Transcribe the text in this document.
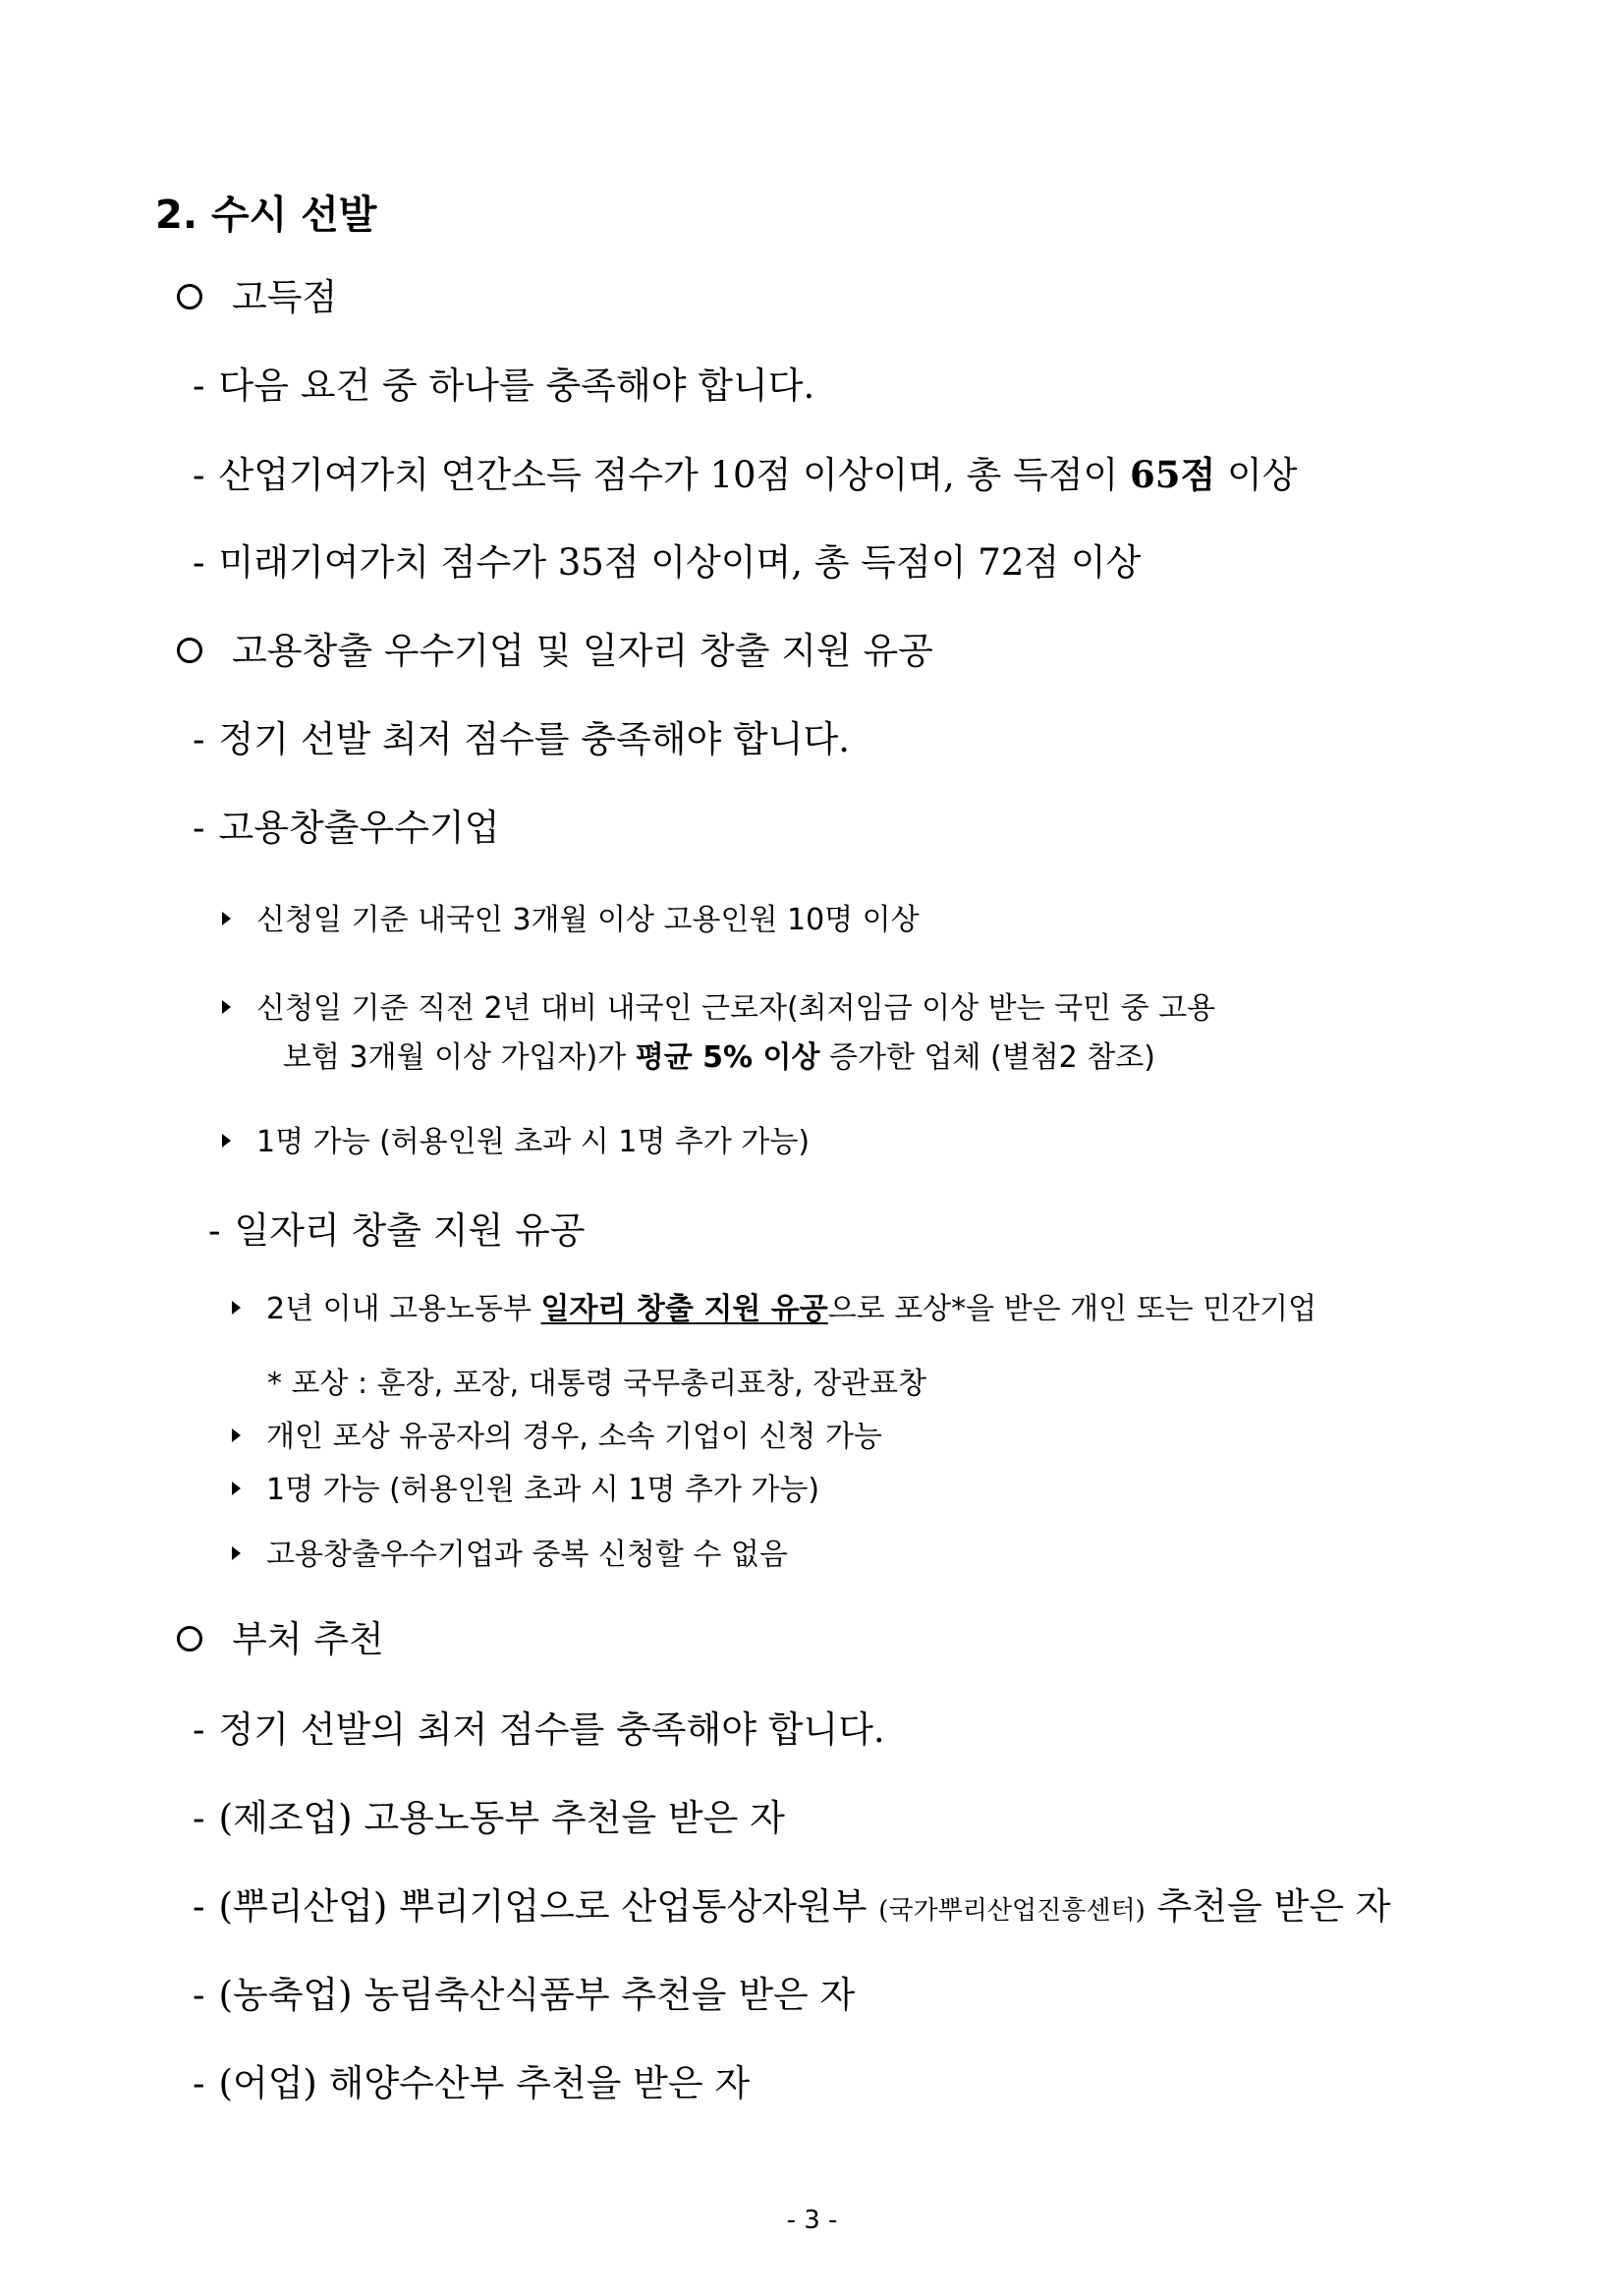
2. 수시 선발
고득점
- 다음 요건 중 하나를 충족해야 합니다.
- 산업기여가치 연간소득 점수가 10점 이상이며, 총 득점이 65점 이상
- 미래기여가치 점수가 35점 이상이며, 총 득점이 72점 이상
고용창출 우수기업 및 일자리 창출 지원 유공
- 정기 선발 최저 점수를 충족해야 합니다.
- 고용창출우수기업
신청일 기준 내국인 3개월 이상 고용인원 10명 이상
신청일 기준 직전 2년 대비 내국인 근로자(최저임금 이상 받는 국민 중 고용
보험 3개월 이상 가입자)가 평균 5% 이상 증가한 업체 (별첨2 참조)
1명 가능 (허용인원 초과 시 1명 추가 가능)
- 일자리 창출 지원 유공
2년 이내 고용노동부 일자리 창출 지원 유공으로 포상*을 받은 개인 또는 민간기업
* 포상 : 훈장, 포장, 대통령 국무총리표창, 장관표창
개인 포상 유공자의 경우, 소속 기업이 신청 가능
1명 가능 (허용인원 초과 시 1명 추가 가능)
고용창출우수기업과 중복 신청할 수 없음
부처 추천
- 정기 선발의 최저 점수를 충족해야 합니다.
- (제조업) 고용노동부 추천을 받은 자
- (뿌리산업) 뿌리기업으로 산업통상자원부 (국가뿌리산업진흥센터) 추천을 받은 자
- (농축업) 농림축산식품부 추천을 받은 자
- (어업) 해양수산부 추천을 받은 자
- 3 -
